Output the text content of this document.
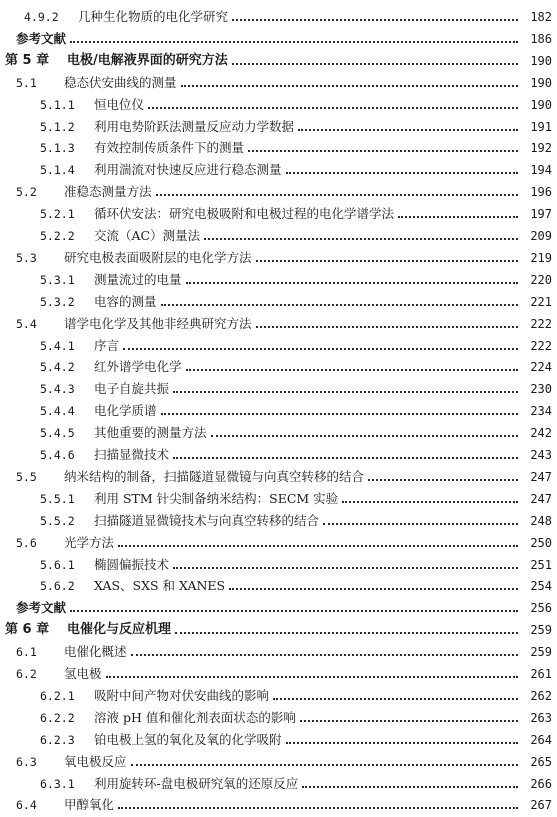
4.9.2	几种生化物质的电化学研究	182
参考文献	186
第 5 章	电极/电解液界面的研究方法	190
5.1	稳态伏安曲线的测量	190
5.1.1	恒电位仪	190
5.1.2	利用电势阶跃法测量反应动力学数据	191
5.1.3	有效控制传质条件下的测量	192
5.1.4	利用湍流对快速反应进行稳态测量	194
5.2	准稳态测量方法	196
5.2.1	循环伏安法：研究电极吸附和电极过程的电化学谱学法	197
5.2.2	交流（AC）测量法	209
5.3	研究电极表面吸附层的电化学方法	219
5.3.1	测量流过的电量	220
5.3.2	电容的测量	221
5.4	谱学电化学及其他非经典研究方法	222
5.4.1	序言	222
5.4.2	红外谱学电化学	224
5.4.3	电子自旋共振	230
5.4.4	电化学质谱	234
5.4.5	其他重要的测量方法	242
5.4.6	扫描显微技术	243
5.5	纳米结构的制备，扫描隧道显微镜与向真空转移的结合	247
5.5.1	利用 STM 针尖制备纳米结构：SECM 实验	247
5.5.2	扫描隧道显微镜技术与向真空转移的结合	248
5.6	光学方法	250
5.6.1	椭圆偏振技术	251
5.6.2	XAS、SXS 和 XANES	254
参考文献	256
第 6 章	电催化与反应机理	259
6.1	电催化概述	259
6.2	氢电极	261
6.2.1	吸附中间产物对伏安曲线的影响	262
6.2.2	溶液 pH 值和催化剂表面状态的影响	263
6.2.3	铂电极上氢的氧化及氧的化学吸附	264
6.3	氧电极反应	265
6.3.1	利用旋转环-盘电极研究氧的还原反应	266
6.4	甲醇氧化	267
